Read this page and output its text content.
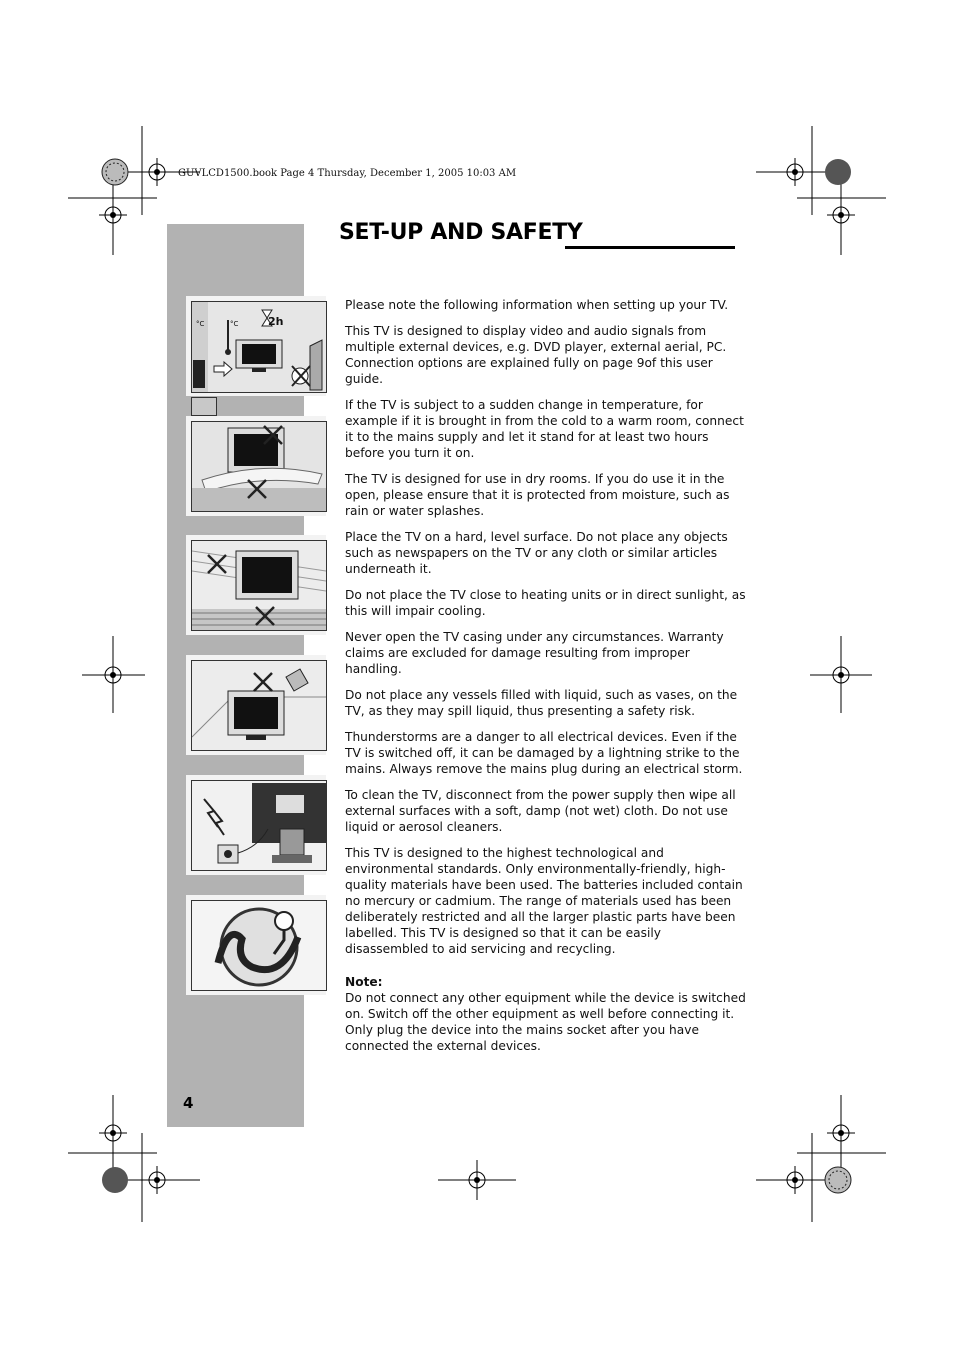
GUVLCD1500.book Page 4 Thursday, December 1, 2005 10:03 AM
SET-UP AND SAFETY
°C	°C	2h

Please note the following information when setting up your TV.

This TV is designed to display video and audio signals from multiple external devices, e.g. DVD player, external aerial, PC. Connection options are explained fully on page 9of this user guide.

If the TV is subject to a sudden change in temperature, for example if it is brought in from the cold to a warm room, connect it to the mains supply and let it stand for at least two hours before you turn it on.

The TV is designed for use in dry rooms. If you do use it in the open, please ensure that it is protected from moisture, such as rain or water splashes.

Place the TV on a hard, level surface. Do not place any objects such as newspapers on the TV or any cloth or similar articles underneath it.

Do not place the TV close to heating units or in direct sunlight, as this will impair cooling.

Never open the TV casing under any circumstances. Warranty claims are excluded for damage resulting from improper handling.

Do not place any vessels filled with liquid, such as vases, on the TV, as they may spill liquid, thus presenting a safety risk.

Thunderstorms are a danger to all electrical devices. Even if the TV is switched off, it can be damaged by a lightning strike to the mains. Always remove the mains plug during an electrical storm.

To clean the TV, disconnect from the power supply then wipe all external surfaces with a soft, damp (not wet) cloth. Do not use liquid or aerosol cleaners.

This TV is designed to the highest technological and environmental standards. Only environmentally-friendly, high-quality materials have been used. The batteries included contain no mercury or cadmium. The range of materials used has been deliberately restricted and all the larger plastic parts have been labelled. This TV is designed so that it can be easily disassembled to aid servicing and recycling.

Note:

Do not connect any other equipment while the device is switched on. Switch off the other equipment as well before connecting it. Only plug the device into the mains socket after you have connected the external devices.

4
